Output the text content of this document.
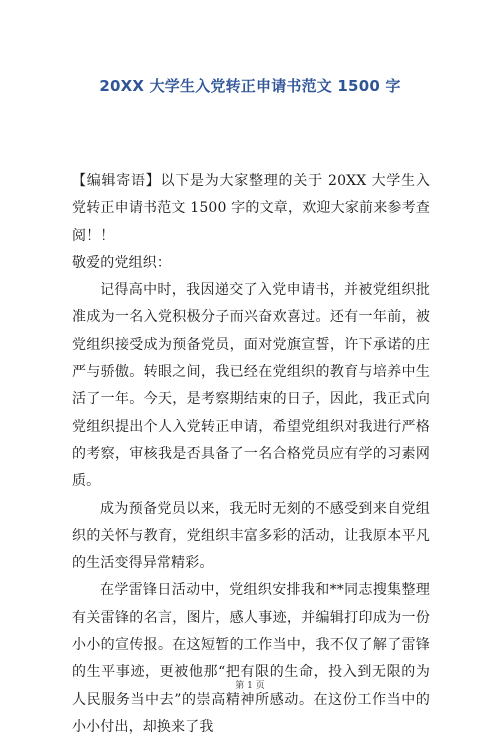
20XX 大学生入党转正申请书范文 1500 字

【编辑寄语】以下是为大家整理的关于 20XX 大学生入党转正申请书范文 1500 字的文章，欢迎大家前来参考查阅！！

敬爱的党组织：

记得高中时，我因递交了入党申请书，并被党组织批准成为一名入党积极分子而兴奋欢喜过。还有一年前，被党组织接受成为预备党员，面对党旗宣誓，许下承诺的庄严与骄傲。转眼之间，我已经在党组织的教育与培养中生活了一年。今天，是考察期结束的日子，因此，我正式向党组织提出个人入党转正申请，希望党组织对我进行严格的考察，审核我是否具备了一名合格党员应有学的习素网质。

成为预备党员以来，我无时无刻的不感受到来自党组织的关怀与教育，党组织丰富多彩的活动，让我原本平凡的生活变得异常精彩。

在学雷锋日活动中，党组织安排我和**同志搜集整理有关雷锋的名言，图片，感人事迹，并编辑打印成为一份小小的宣传报。在这短暂的工作当中，我不仅了解了雷锋的生平事迹，更被他那“把有限的生命，投入到无限的为人民服务当中去”的崇高精神所感动。在这份工作当中的小小付出，却换来了我

第 1 页
